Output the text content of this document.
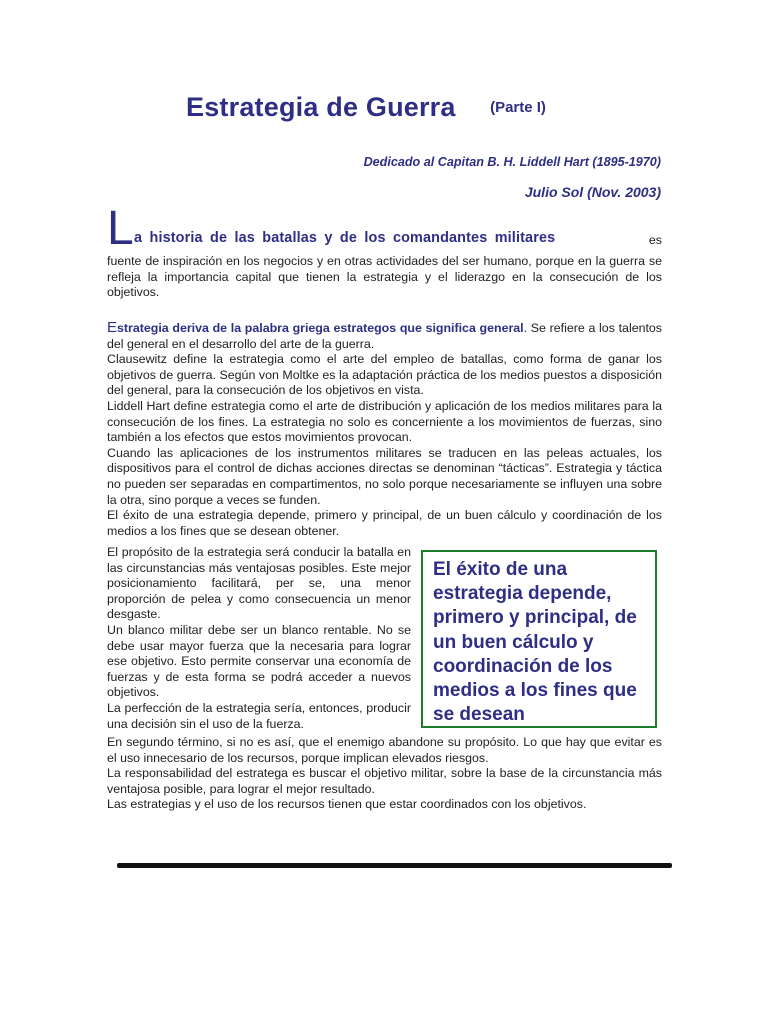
Estrategia de Guerra (Parte I)
Dedicado al Capitan B. H. Liddell Hart (1895-1970)
Julio Sol (Nov. 2003)
L a historia de las batallas y de los comandantes militares	es
fuente de inspiración en los negocios y en otras actividades del ser humano, porque en la guerra se refleja la importancia capital que tienen la estrategia y el liderazgo en la consecución de los objetivos.

Estrategia deriva de la palabra griega estrategos que significa general. Se refiere a los talentos del general en el desarrollo del arte de la guerra.

Clausewitz define la estrategia como el arte del empleo de batallas, como forma de ganar los objetivos de guerra. Según von Moltke es la adaptación práctica de los medios puestos a disposición del general, para la consecución de los objetivos en vista.

Liddell Hart define estrategia como el arte de distribución y aplicación de los medios militares para la consecución de los fines. La estrategia no solo es concerniente a los movimientos de fuerzas, sino también a los efectos que estos movimientos provocan.

Cuando las aplicaciones de los instrumentos militares se traducen en las peleas actuales, los dispositivos para el control de dichas acciones directas se denominan “tácticas”. Estrategia y táctica no pueden ser separadas en compartimentos, no solo porque necesariamente se influyen una sobre la otra, sino porque a veces se funden.

El éxito de una estrategia depende, primero y principal, de un buen cálculo y coordinación de los medios a los fines que se desean obtener.

El propósito de la estrategia será conducir la batalla en las circunstancias más ventajosas posibles. Este mejor posicionamiento facilitará, per se, una menor proporción de pelea y como consecuencia un menor desgaste.

Un blanco militar debe ser un blanco rentable. No se debe usar mayor fuerza que la necesaria para lograr ese objetivo. Esto permite conservar una economía de fuerzas y de esta forma se podrá acceder a nuevos objetivos.

La perfección de la estrategia sería, entonces, producir una decisión sin el uso de la fuerza.

El éxito de una estrategia depende, primero y principal, de un buen cálculo y coordinación de los medios a los fines que se desean

En segundo término, si no es así, que el enemigo abandone su propósito. Lo que hay que evitar es el uso innecesario de los recursos, porque implican elevados riesgos.

La responsabilidad del estratega es buscar el objetivo militar, sobre la base de la circunstancia más ventajosa posible, para lograr el mejor resultado.

Las estrategias y el uso de los recursos tienen que estar coordinados con los objetivos.
